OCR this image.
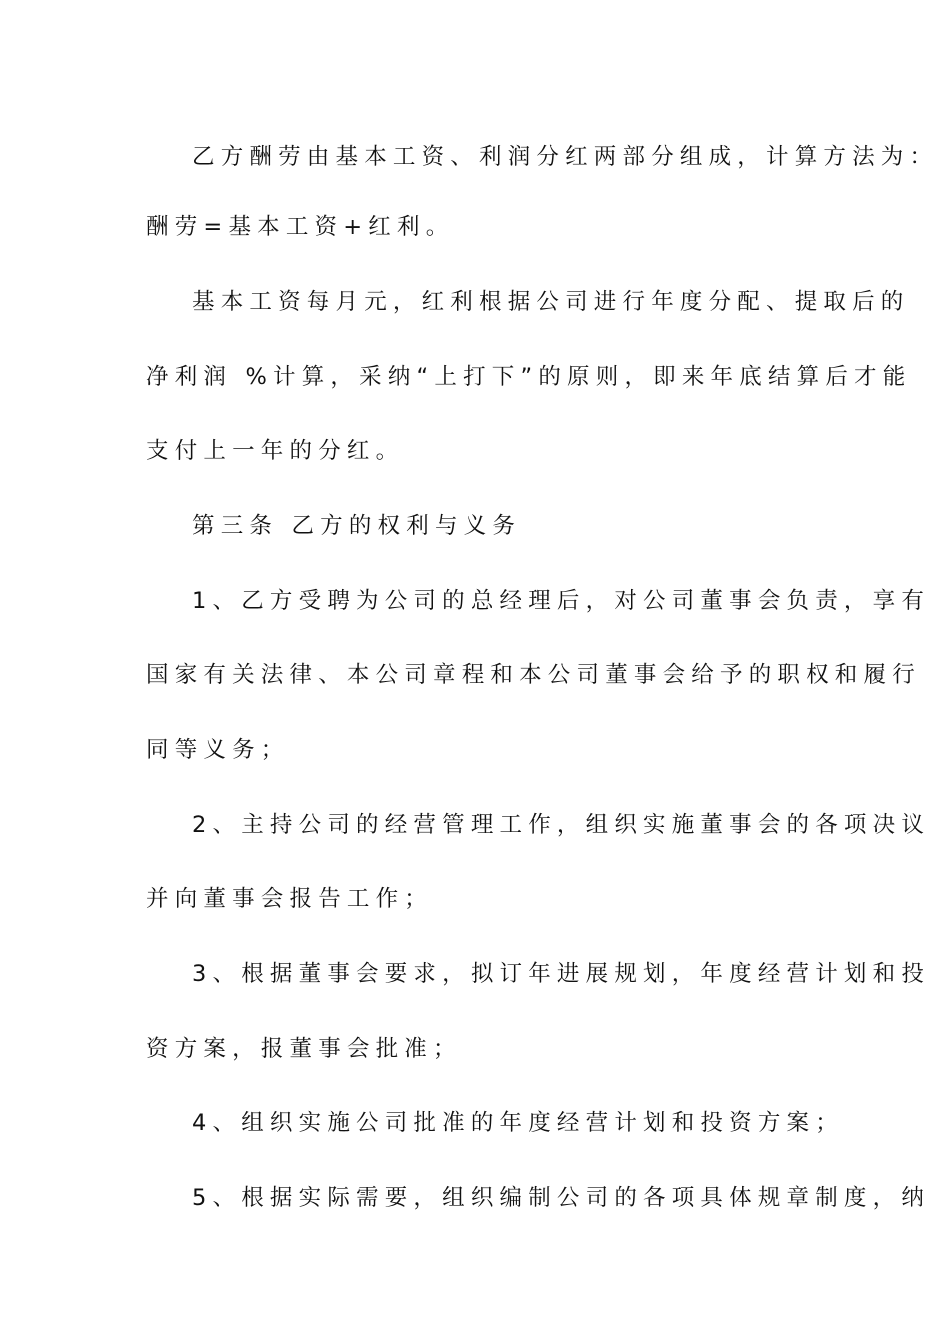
乙方酬劳由基本工资、利润分红两部分组成，计算方法为：
酬劳=基本工资+红利。
基本工资每月元，红利根据公司进行年度分配、提取后的
净利润 %计算，采纳“上打下”的原则，即来年底结算后才能
支付上一年的分红。
第三条 乙方的权利与义务
1、乙方受聘为公司的总经理后，对公司董事会负责，享有
国家有关法律、本公司章程和本公司董事会给予的职权和履行
同等义务；
2、主持公司的经营管理工作，组织实施董事会的各项决议
并向董事会报告工作；
3、根据董事会要求，拟订年进展规划，年度经营计划和投
资方案，报董事会批准；
4、组织实施公司批准的年度经营计划和投资方案；
5、根据实际需要，组织编制公司的各项具体规章制度，纳
